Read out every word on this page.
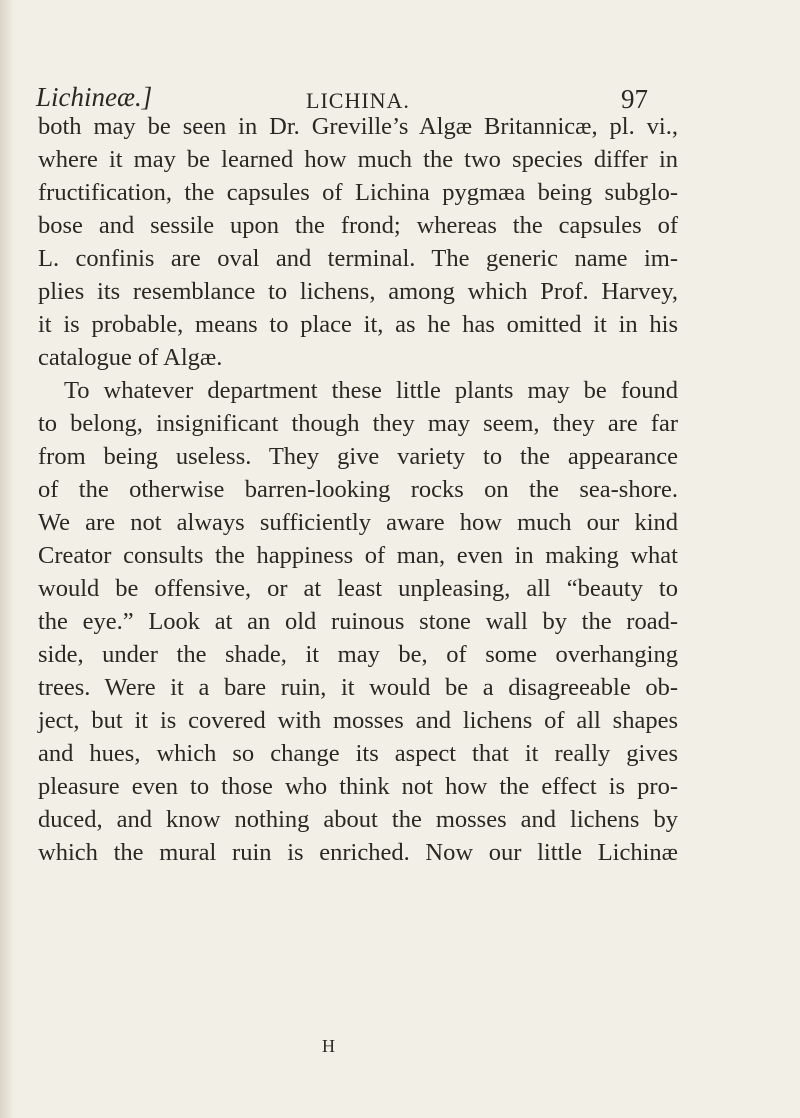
Lichineæ.]	LICHINA.	97
both may be seen in Dr. Greville’s Algæ Britannicæ, pl. vi.,
where it may be learned how much the two species differ in
fructification, the capsules of Lichina pygmæa being subglo-
bose and sessile upon the frond; whereas the capsules of
L. confinis are oval and terminal. The generic name im-
plies its resemblance to lichens, among which Prof. Harvey,
it is probable, means to place it, as he has omitted it in his
catalogue of Algæ.
To whatever department these little plants may be found
to belong, insignificant though they may seem, they are far
from being useless. They give variety to the appearance
of the otherwise barren-looking rocks on the sea-shore.
We are not always sufficiently aware how much our kind
Creator consults the happiness of man, even in making what
would be offensive, or at least unpleasing, all “beauty to
the eye.” Look at an old ruinous stone wall by the road-
side, under the shade, it may be, of some overhanging
trees. Were it a bare ruin, it would be a disagreeable ob-
ject, but it is covered with mosses and lichens of all shapes
and hues, which so change its aspect that it really gives
pleasure even to those who think not how the effect is pro-
duced, and know nothing about the mosses and lichens by
which the mural ruin is enriched. Now our little Lichinæ
H
